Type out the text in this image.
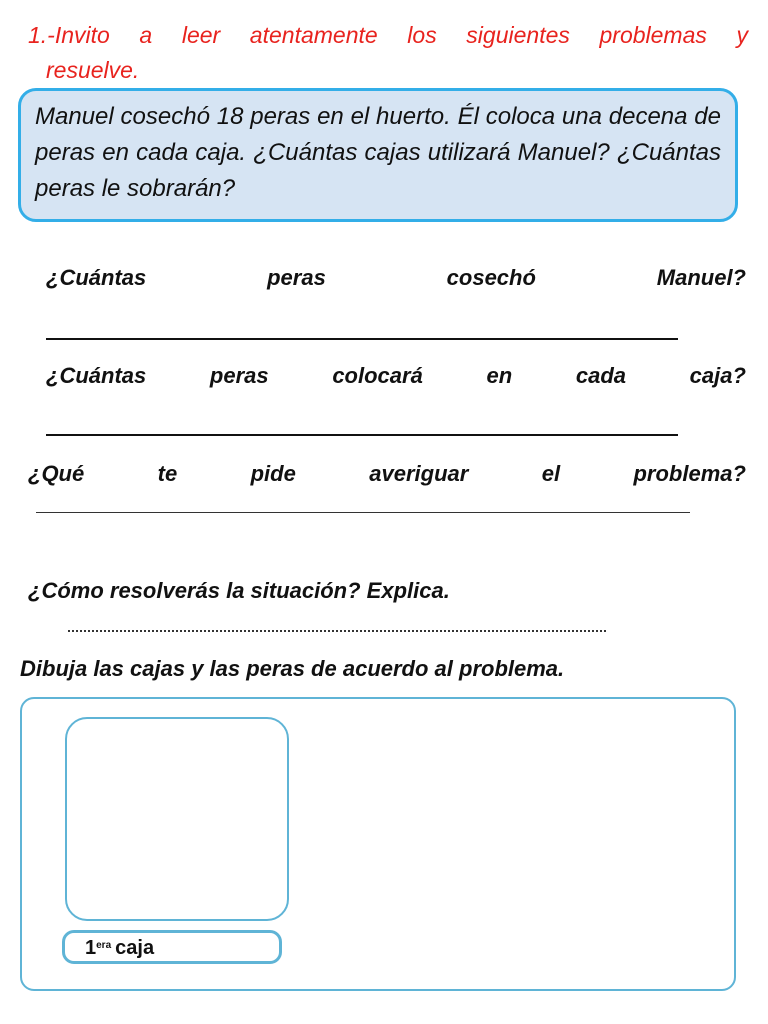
1.-Invito a leer atentamente los siguientes problemas y
resuelve.

Manuel cosechó 18 peras en el huerto. Él coloca una decena de peras en cada caja. ¿Cuántas cajas utilizará Manuel? ¿Cuántas peras le sobrarán?

¿Cuántas	peras	cosechó	Manuel?
¿Cuántas	peras	colocará	en	cada	caja?
¿Qué	te	pide	averiguar	el	problema?
¿Cómo resolverás la situación? Explica.
Dibuja las cajas y las peras de acuerdo al problema.
$1^{era}$ caja
